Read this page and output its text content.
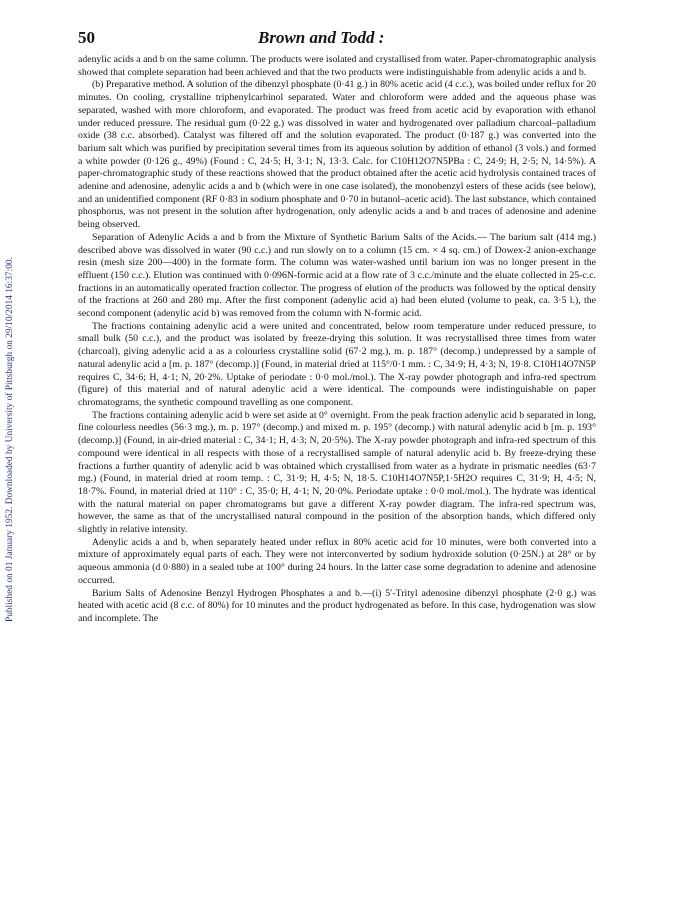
Published on 01 January 1952. Downloaded by University of Pittsburgh on 29/10/2014 16:37:00.
50	Brown and Todd :

adenylic acids a and b on the same column. The products were isolated and crystallised from water. Paper-chromatographic analysis showed that complete separation had been achieved and that the two products were indistinguishable from adenylic acids a and b.

(b) Preparative method. A solution of the dibenzyl phosphate (0·41 g.) in 80% acetic acid (4 c.c.), was boiled under reflux for 20 minutes. On cooling, crystalline triphenylcarbinol separated. Water and chloroform were added and the aqueous phase was separated, washed with more chloroform, and evaporated. The product was freed from acetic acid by evaporation with ethanol under reduced pressure. The residual gum (0·22 g.) was dissolved in water and hydrogenated over palladium charcoal–palladium oxide (38 c.c. absorbed). Catalyst was filtered off and the solution evaporated. The product (0·187 g.) was converted into the barium salt which was purified by precipitation several times from its aqueous solution by addition of ethanol (3 vols.) and formed a white powder (0·126 g., 49%) (Found : C, 24·5; H, 3·1; N, 13·3. Calc. for C10H12O7N5PBa : C, 24·9; H, 2·5; N, 14·5%). A paper-chromatographic study of these reactions showed that the product obtained after the acetic acid hydrolysis contained traces of adenine and adenosine, adenylic acids a and b (which were in one case isolated), the monobenzyl esters of these acids (see below), and an unidentified component (RF 0·83 in sodium phosphate and 0·70 in butanol–acetic acid). The last substance, which contained phosphorus, was not present in the solution after hydrogenation, only adenylic acids a and b and traces of adenosine and adenine being observed.

Separation of Adenylic Acids a and b from the Mixture of Synthetic Barium Salts of the Acids.— The barium salt (414 mg.) described above was dissolved in water (90 c.c.) and run slowly on to a column (15 cm. × 4 sq. cm.) of Dowex-2 anion-exchange resin (mesh size 200—400) in the formate form. The column was water-washed until barium ion was no longer present in the effluent (150 c.c.). Elution was continued with 0·096N-formic acid at a flow rate of 3 c.c./minute and the eluate collected in 25-c.c. fractions in an automatically operated fraction collector. The progress of elution of the products was followed by the optical density of the fractions at 260 and 280 mμ. After the first component (adenylic acid a) had been eluted (volume to peak, ca. 3·5 l.), the second component (adenylic acid b) was removed from the column with N-formic acid.

The fractions containing adenylic acid a were united and concentrated, below room temperature under reduced pressure, to small bulk (50 c.c.), and the product was isolated by freeze-drying this solution. It was recrystallised three times from water (charcoal), giving adenylic acid a as a colourless crystalline solid (67·2 mg.), m. p. 187° (decomp.) undepressed by a sample of natural adenylic acid a [m. p. 187° (decomp.)] (Found, in material dried at 115°/0·1 mm. : C, 34·9; H, 4·3; N, 19·8. C10H14O7N5P requires C, 34·6; H, 4·1; N, 20·2%. Uptake of periodate : 0·0 mol./mol.). The X-ray powder photograph and infra-red spectrum (figure) of this material and of natural adenylic acid a were identical. The compounds were indistinguishable on paper chromatograms, the synthetic compound travelling as one component.

The fractions containing adenylic acid b were set aside at 0° overnight. From the peak fraction adenylic acid b separated in long, fine colourless needles (56·3 mg.), m. p. 197° (decomp.) and mixed m. p. 195° (decomp.) with natural adenylic acid b [m. p. 193° (decomp.)] (Found, in air-dried material : C, 34·1; H, 4·3; N, 20·5%). The X-ray powder photograph and infra-red spectrum of this compound were identical in all respects with those of a recrystallised sample of natural adenylic acid b. By freeze-drying these fractions a further quantity of adenylic acid b was obtained which crystallised from water as a hydrate in prismatic needles (63·7 mg.) (Found, in material dried at room temp. : C, 31·9; H, 4·5; N, 18·5. C10H14O7N5P,1·5H2O requires C, 31·9; H, 4·5; N, 18·7%. Found, in material dried at 110° : C, 35·0; H, 4·1; N, 20·0%. Periodate uptake : 0·0 mol./mol.). The hydrate was identical with the natural material on paper chromatograms but gave a different X-ray powder diagram. The infra-red spectrum was, however, the same as that of the uncrystallised natural compound in the position of the absorption bands, which differed only slightly in relative intensity.

Adenylic acids a and b, when separately heated under reflux in 80% acetic acid for 10 minutes, were both converted into a mixture of approximately equal parts of each. They were not interconverted by sodium hydroxide solution (0·25N.) at 28° or by aqueous ammonia (d 0·880) in a sealed tube at 100° during 24 hours. In the latter case some degradation to adenine and adenosine occurred.

Barium Salts of Adenosine Benzyl Hydrogen Phosphates a and b.—(i) 5′-Trityl adenosine dibenzyl phosphate (2·0 g.) was heated with acetic acid (8 c.c. of 80%) for 10 minutes and the product hydrogenated as before. In this case, hydrogenation was slow and incomplete. The
